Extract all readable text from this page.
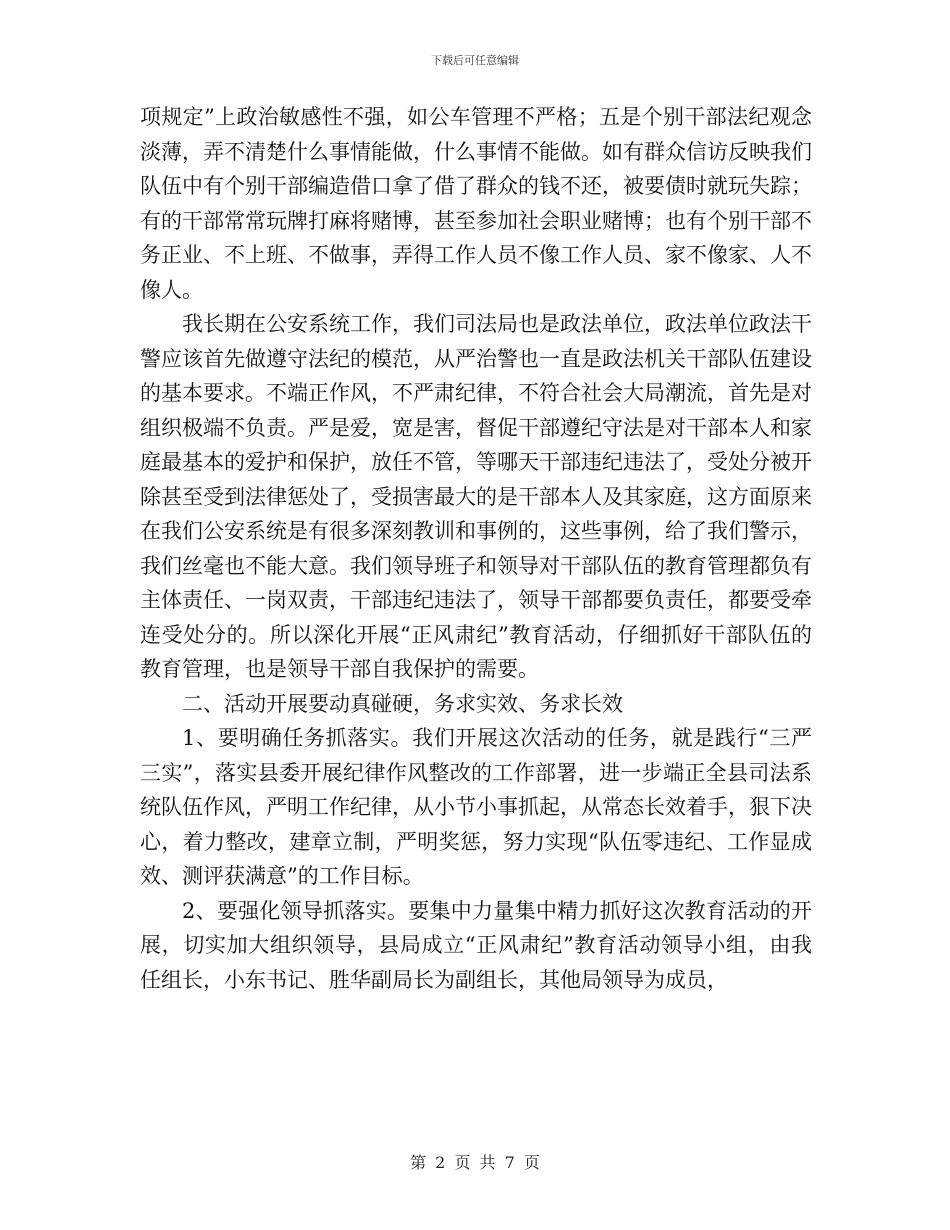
下载后可任意编辑

项规定”上政治敏感性不强，如公车管理不严格；五是个别干部法纪观念淡薄，弄不清楚什么事情能做，什么事情不能做。如有群众信访反映我们队伍中有个别干部编造借口拿了借了群众的钱不还，被要债时就玩失踪；有的干部常常玩牌打麻将赌博，甚至参加社会职业赌博；也有个别干部不务正业、不上班、不做事，弄得工作人员不像工作人员、家不像家、人不像人。

我长期在公安系统工作，我们司法局也是政法单位，政法单位政法干警应该首先做遵守法纪的模范，从严治警也一直是政法机关干部队伍建设的基本要求。不端正作风，不严肃纪律，不符合社会大局潮流，首先是对组织极端不负责。严是爱，宽是害，督促干部遵纪守法是对干部本人和家庭最基本的爱护和保护，放任不管，等哪天干部违纪违法了，受处分被开除甚至受到法律惩处了，受损害最大的是干部本人及其家庭，这方面原来在我们公安系统是有很多深刻教训和事例的，这些事例，给了我们警示，我们丝毫也不能大意。我们领导班子和领导对干部队伍的教育管理都负有主体责任、一岗双责，干部违纪违法了，领导干部都要负责任，都要受牵连受处分的。所以深化开展“正风肃纪”教育活动，仔细抓好干部队伍的教育管理，也是领导干部自我保护的需要。

二、活动开展要动真碰硬，务求实效、务求长效

1、要明确任务抓落实。我们开展这次活动的任务，就是践行“三严三实”，落实县委开展纪律作风整改的工作部署，进一步端正全县司法系统队伍作风，严明工作纪律，从小节小事抓起，从常态长效着手，狠下决心，着力整改，建章立制，严明奖惩，努力实现“队伍零违纪、工作显成效、测评获满意”的工作目标。

2、要强化领导抓落实。要集中力量集中精力抓好这次教育活动的开展，切实加大组织领导，县局成立“正风肃纪”教育活动领导小组，由我任组长，小东书记、胜华副局长为副组长，其他局领导为成员，

第 2 页 共 7 页
